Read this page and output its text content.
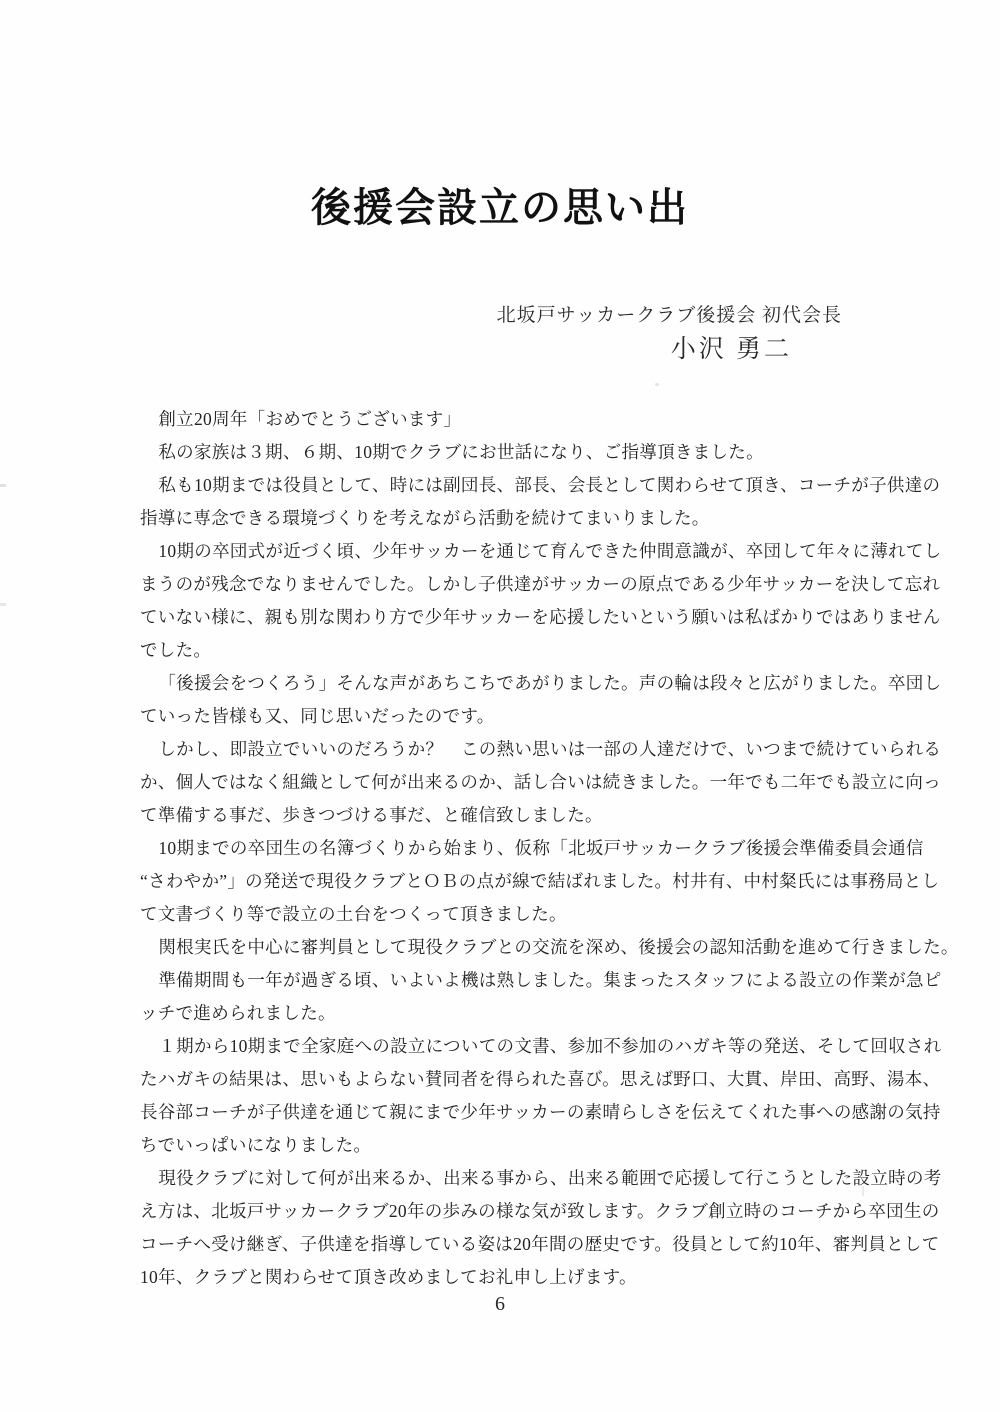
後援会設立の思い出
北坂戸サッカークラブ後援会 初代会長
小沢 勇二
創立20周年「おめでとうございます」
私の家族は３期、６期、10期でクラブにお世話になり、ご指導頂きました。
私も10期までは役員として、時には副団長、部長、会長として関わらせて頂き、コーチが子供達の
指導に専念できる環境づくりを考えながら活動を続けてまいりました。
10期の卒団式が近づく頃、少年サッカーを通じて育んできた仲間意識が、卒団して年々に薄れてし
まうのが残念でなりませんでした。しかし子供達がサッカーの原点である少年サッカーを決して忘れ
ていない様に、親も別な関わり方で少年サッカーを応援したいという願いは私ばかりではありません
でした。
「後援会をつくろう」そんな声があちこちであがりました。声の輪は段々と広がりました。卒団し
ていった皆様も又、同じ思いだったのです。
しかし、即設立でいいのだろうか？　この熱い思いは一部の人達だけで、いつまで続けていられる
か、個人ではなく組織として何が出来るのか、話し合いは続きました。一年でも二年でも設立に向っ
て準備する事だ、歩きつづける事だ、と確信致しました。
10期までの卒団生の名簿づくりから始まり、仮称「北坂戸サッカークラブ後援会準備委員会通信
“さわやか”」の発送で現役クラブとＯＢの点が線で結ばれました。村井有、中村粲氏には事務局とし
て文書づくり等で設立の土台をつくって頂きました。
関根実氏を中心に審判員として現役クラブとの交流を深め、後援会の認知活動を進めて行きました。
準備期間も一年が過ぎる頃、いよいよ機は熟しました。集まったスタッフによる設立の作業が急ピ
ッチで進められました。
１期から10期まで全家庭への設立についての文書、参加不参加のハガキ等の発送、そして回収され
たハガキの結果は、思いもよらない賛同者を得られた喜び。思えば野口、大貫、岸田、高野、湯本、
長谷部コーチが子供達を通じて親にまで少年サッカーの素晴らしさを伝えてくれた事への感謝の気持
ちでいっぱいになりました。
現役クラブに対して何が出来るか、出来る事から、出来る範囲で応援して行こうとした設立時の考
え方は、北坂戸サッカークラブ20年の歩みの様な気が致します。クラブ創立時のコーチから卒団生の
コーチへ受け継ぎ、子供達を指導している姿は20年間の歴史です。役員として約10年、審判員として
10年、クラブと関わらせて頂き改めましてお礼申し上げます。
6
